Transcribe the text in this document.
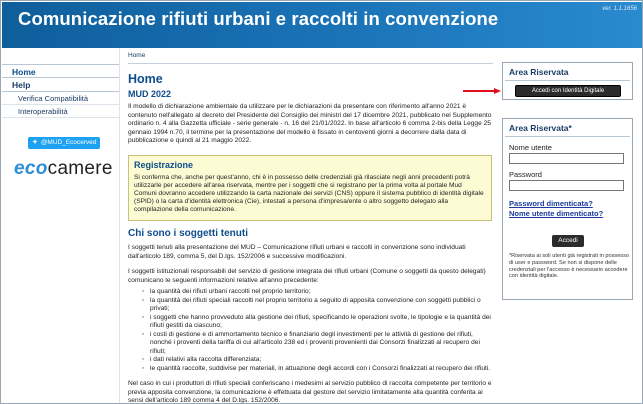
Comunicazione rifiuti urbani e raccolti in convenzione	ver. 1.1.1656
Home
Help
Verifica Compatibilità
Interoperabilità
✦ @MUD_Ecocerved
ecocamere
Home
Home
MUD 2022

Il modello di dichiarazione ambientale da utilizzare per le dichiarazioni da presentare con riferimento all'anno 2021 è contenuto nell'allegato al decreto del Presidente del Consiglio dei ministri del 17 dicembre 2021, pubblicato nel Supplemento ordinario n. 4 alla Gazzetta ufficiale - serie generale - n. 16 del 21/01/2022. In base all'articolo 6 comma 2-bis della Legge 25 gennaio 1994 n.70, il termine per la presentazione del modello è fissato in centoventi giorni a decorrere dalla data di pubblicazione e quindi al 21 maggio 2022.

Registrazione
Si conferma che, anche per quest'anno, chi è in possesso delle credenziali già rilasciate negli anni precedenti potrà utilizzarle per accedere all'area riservata, mentre per i soggetti che si registrano per la prima volta al portale Mud Comuni dovranno accedere utilizzando la carta nazionale dei servizi (CNS) oppure il sistema pubblico di identità digitale (SPID) o la carta d'identità elettronica (Cie), intestati a persona d'impresa/ente o altro soggetto delegato alla compilazione della comunicazione.
Chi sono i soggetti tenuti

I soggetti tenuti alla presentazione del MUD – Comunicazione rifiuti urbani e raccolti in convenzione sono individuati dall'articolo 189, comma 5, del D.lgs. 152/2006 e successive modificazioni.

I soggetti istituzionali responsabili del servizio di gestione integrata dei rifiuti urbani (Comune o soggetti da questo delegati) comunicano le seguenti informazioni relative all'anno precedente:

◦ la quantità dei rifiuti urbani raccolti nel proprio territorio;
◦ la quantità dei rifiuti speciali raccolti nel proprio territorio a seguito di apposita convenzione con soggetti pubblici o privati;
◦ i soggetti che hanno provveduto alla gestione dei rifiuti, specificando le operazioni svolte, le tipologie e la quantità dei rifiuti gestiti da ciascuno;
◦ i costi di gestione e di ammortamento tecnico e finanziario degli investimenti per le attività di gestione dei rifiuti, nonché i proventi della tariffa di cui all'articolo 238 ed i proventi provenienti dai Consorzi finalizzati al recupero dei rifiuti;
◦ i dati relativi alla raccolta differenziata;
◦ le quantità raccolte, suddivise per materiali, in attuazione degli accordi con i Consorzi finalizzati al recupero dei rifiuti.

Nel caso in cui i produttori di rifiuti speciali conferiscano i medesimi al servizio pubblico di raccolta competente per territorio e previa apposita convenzione, la comunicazione è effettuata dal gestore del servizio limitatamente alla quantità conferita ai sensi dell'articolo 189 comma 4 del D.lgs. 152/2006.

Area Riservata
Accedi con Identità Digitale
Area Riservata*
Nome utente
Password
Password dimenticata?
Nome utente dimenticato?
Accedi
*Riservata ai soli utenti già registrati in possesso di user e password. Se non si dispone delle credenziali per l'accesso è necessario accedere con identità digitale.
